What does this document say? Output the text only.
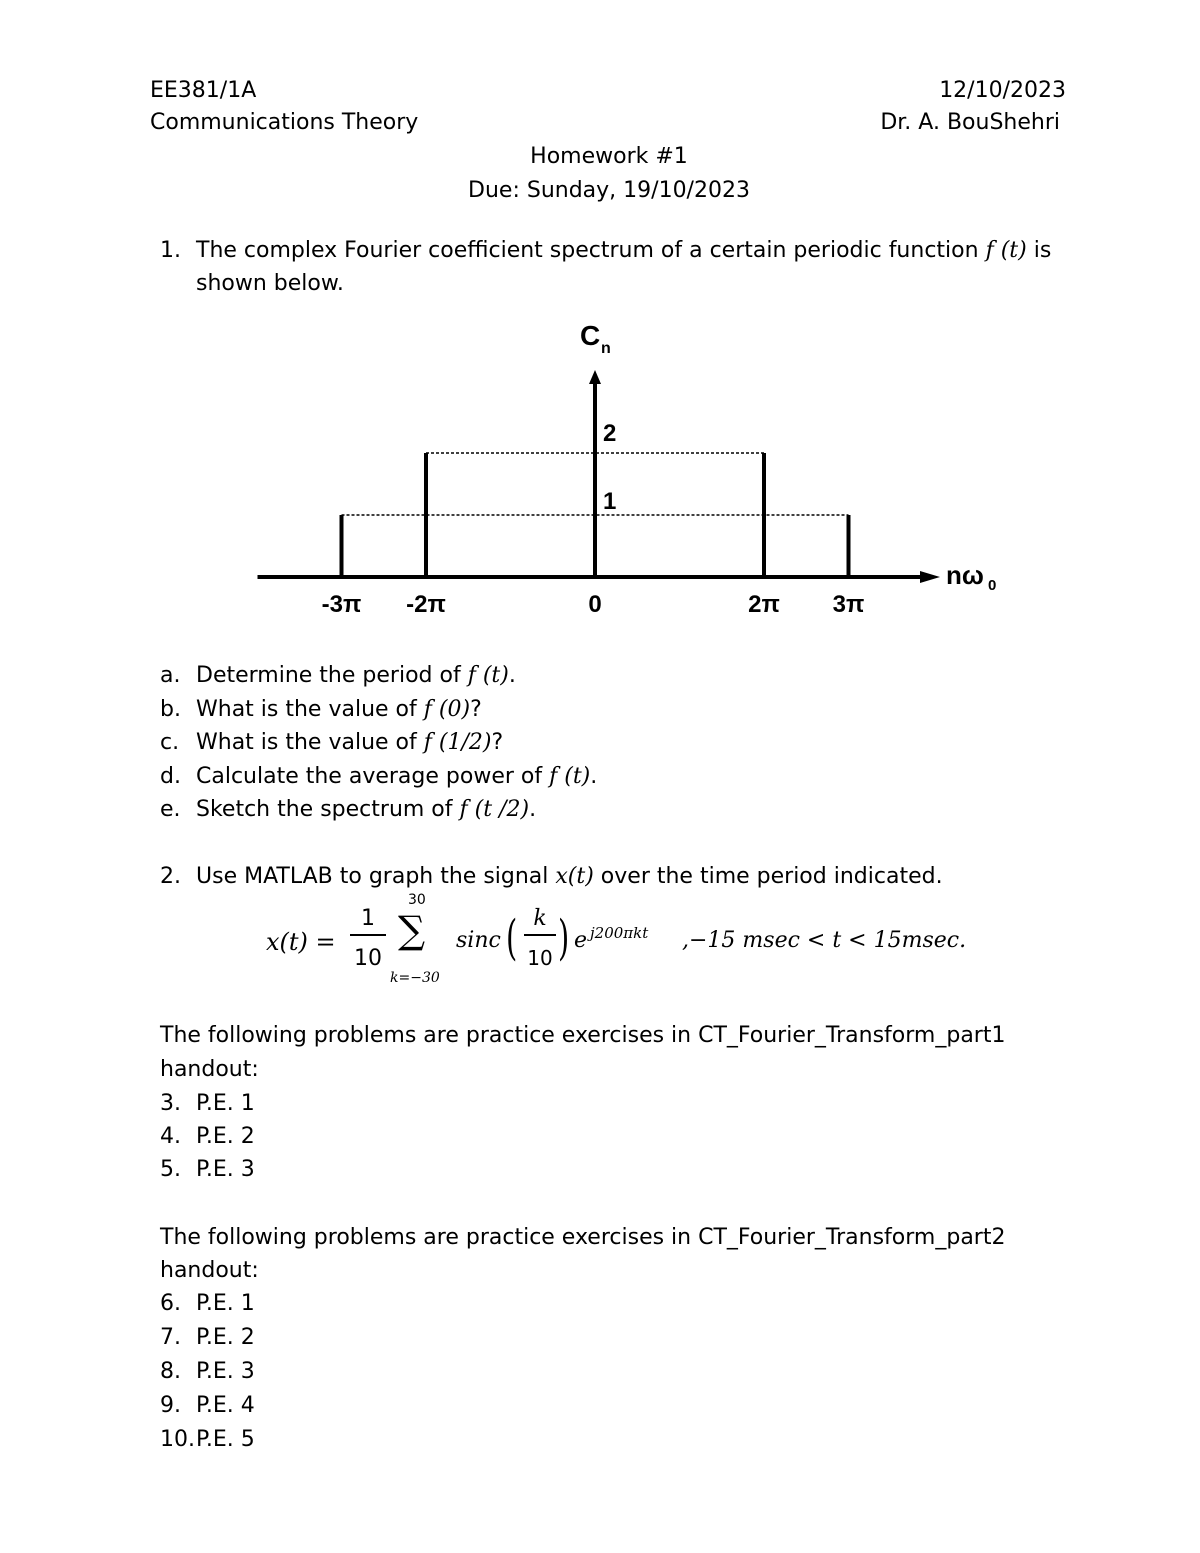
EE381/1A
Communications Theory
12/10/2023
Dr. A. BouShehri
Homework #1
Due: Sunday, 19/10/2023
1. The complex Fourier coefficient spectrum of a certain periodic function f (t) is
shown below.
-3π -2π	0	2π 3π
2
1
C n
nω 0
a. Determine the period of f (t).
b. What is the value of f (0)?
c. What is the value of f (1/2)?
d. Calculate the average power of f (t).
e. Sketch the spectrum of f (t /2).
2. Use MATLAB to graph the signal x(t) over the time period indicated.
x(t) =
1
10
30
∑
k=−30
sinc ( k
10 ) e j200πkt ,−15 msec < t < 15msec.
The following problems are practice exercises in CT_Fourier_Transform_part1
handout:
3. P.E. 1
4. P.E. 2
5. P.E. 3
The following problems are practice exercises in CT_Fourier_Transform_part2
handout:
6. P.E. 1
7. P.E. 2
8. P.E. 3
9. P.E. 4
10. P.E. 5
